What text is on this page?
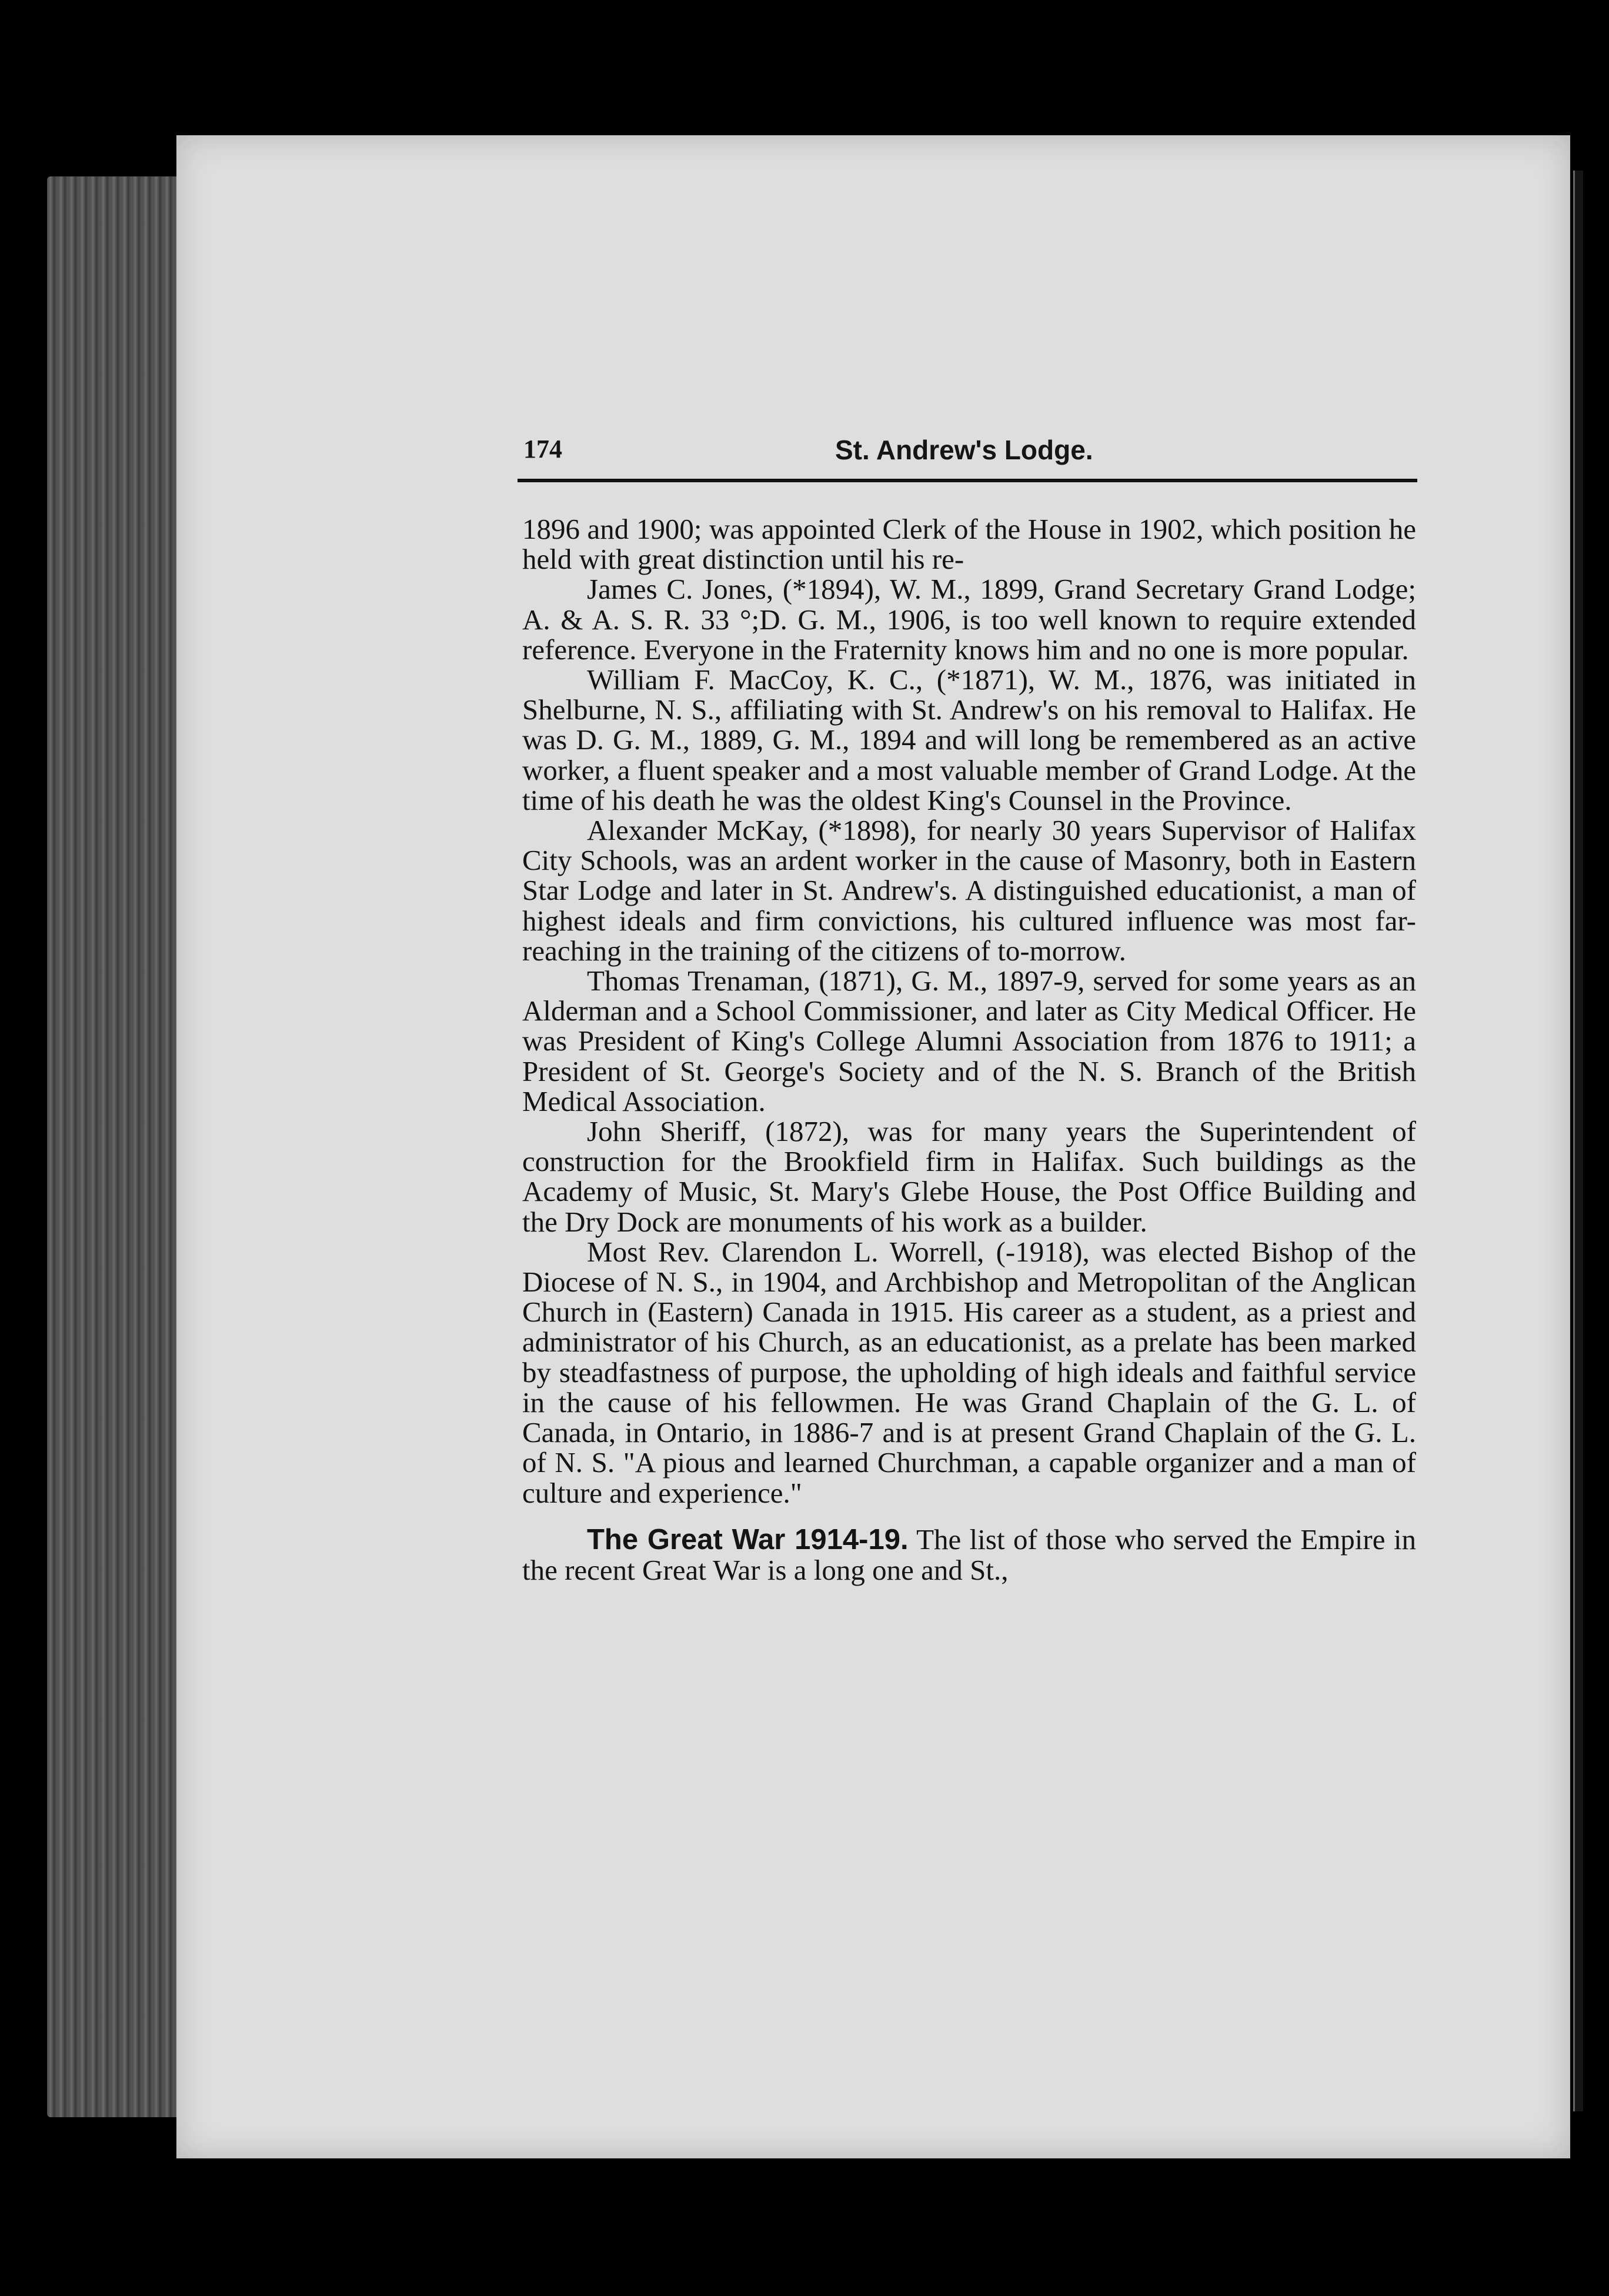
174	St. Andrew's Lodge.

1896 and 1900; was appointed Clerk of the House in 1902, which position he held with great distinction until his re-

James C. Jones, (*1894), W. M., 1899, Grand Secretary Grand Lodge; A. & A. S. R. 33 °;D. G. M., 1906, is too well known to require extended reference. Everyone in the Fraternity knows him and no one is more popular.

William F. MacCoy, K. C., (*1871), W. M., 1876, was initiated in Shelburne, N. S., affiliating with St. Andrew's on his removal to Halifax. He was D. G. M., 1889, G. M., 1894 and will long be remembered as an active worker, a fluent speaker and a most valuable member of Grand Lodge. At the time of his death he was the oldest King's Counsel in the Province.

Alexander McKay, (*1898), for nearly 30 years Supervisor of Halifax City Schools, was an ardent worker in the cause of Masonry, both in Eastern Star Lodge and later in St. Andrew's. A distinguished educationist, a man of highest ideals and firm convictions, his cultured influence was most far-reaching in the training of the citizens of to-morrow.

Thomas Trenaman, (1871), G. M., 1897-9, served for some years as an Alderman and a School Commissioner, and later as City Medical Officer. He was President of King's College Alumni Association from 1876 to 1911; a President of St. George's Society and of the N. S. Branch of the British Medical Association.

John Sheriff, (1872), was for many years the Superintendent of construction for the Brookfield firm in Halifax. Such buildings as the Academy of Music, St. Mary's Glebe House, the Post Office Building and the Dry Dock are monuments of his work as a builder.

Most Rev. Clarendon L. Worrell, (-1918), was elected Bishop of the Diocese of N. S., in 1904, and Archbishop and Metropolitan of the Anglican Church in (Eastern) Canada in 1915. His career as a student, as a priest and administrator of his Church, as an educationist, as a prelate has been marked by steadfastness of purpose, the upholding of high ideals and faithful service in the cause of his fellowmen. He was Grand Chaplain of the G. L. of Canada, in Ontario, in 1886-7 and is at present Grand Chaplain of the G. L. of N. S. "A pious and learned Churchman, a capable organizer and a man of culture and experience."

The Great War 1914-19. The list of those who served the Empire in the recent Great War is a long one and St.,
